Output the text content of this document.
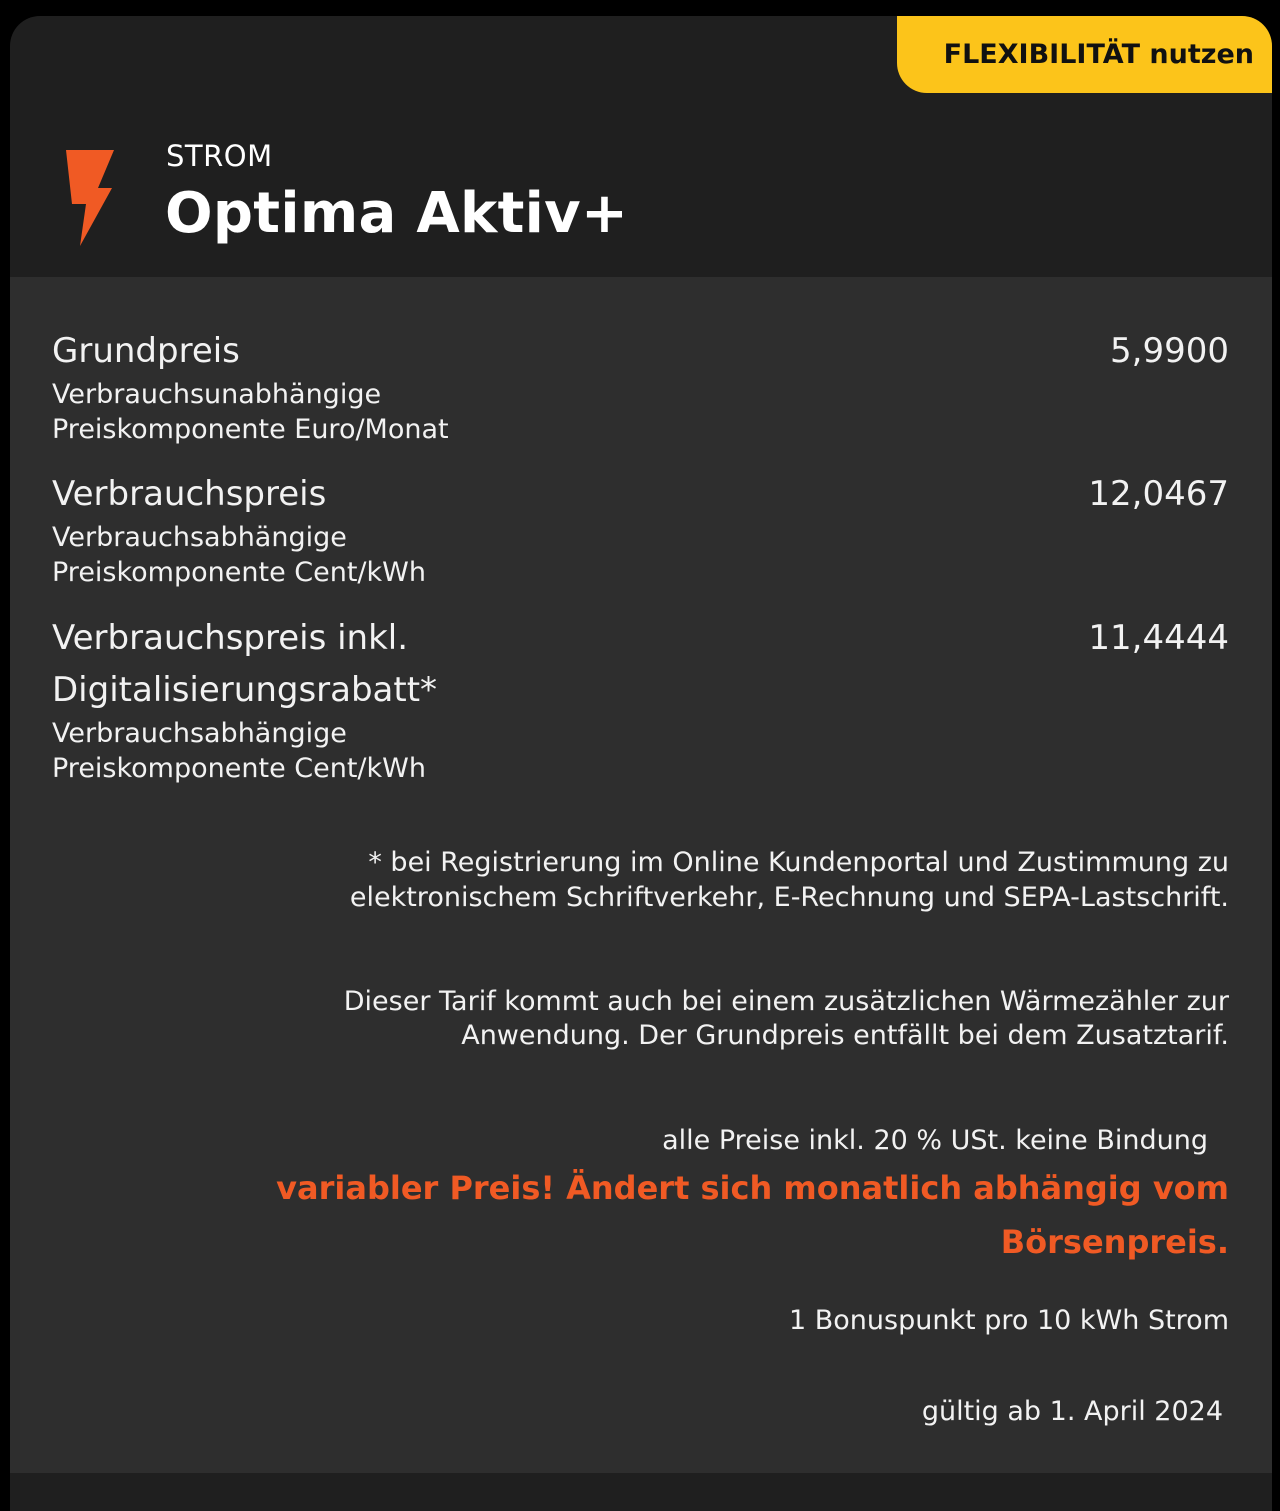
STROM
Optima Aktiv+
FLEXIBILITÄT nutzen
Grundpreis
Verbrauchsunabhängige
Preiskomponente Euro/Monat
5,9900
Verbrauchspreis
Verbrauchsabhängige
Preiskomponente Cent/kWh
12,0467
Verbrauchspreis inkl.
Digitalisierungsrabatt*
Verbrauchsabhängige
Preiskomponente Cent/kWh
11,4444
* bei Registrierung im Online Kundenportal und Zustimmung zu
elektronischem Schriftverkehr, E-Rechnung und SEPA-Lastschrift.
Dieser Tarif kommt auch bei einem zusätzlichen Wärmezähler zur
Anwendung. Der Grundpreis entfällt bei dem Zusatztarif.
alle Preise inkl. 20 % USt. keine Bindung
variabler Preis! Ändert sich monatlich abhängig vom
Börsenpreis.
1 Bonuspunkt pro 10 kWh Strom
gültig ab 1. April 2024
